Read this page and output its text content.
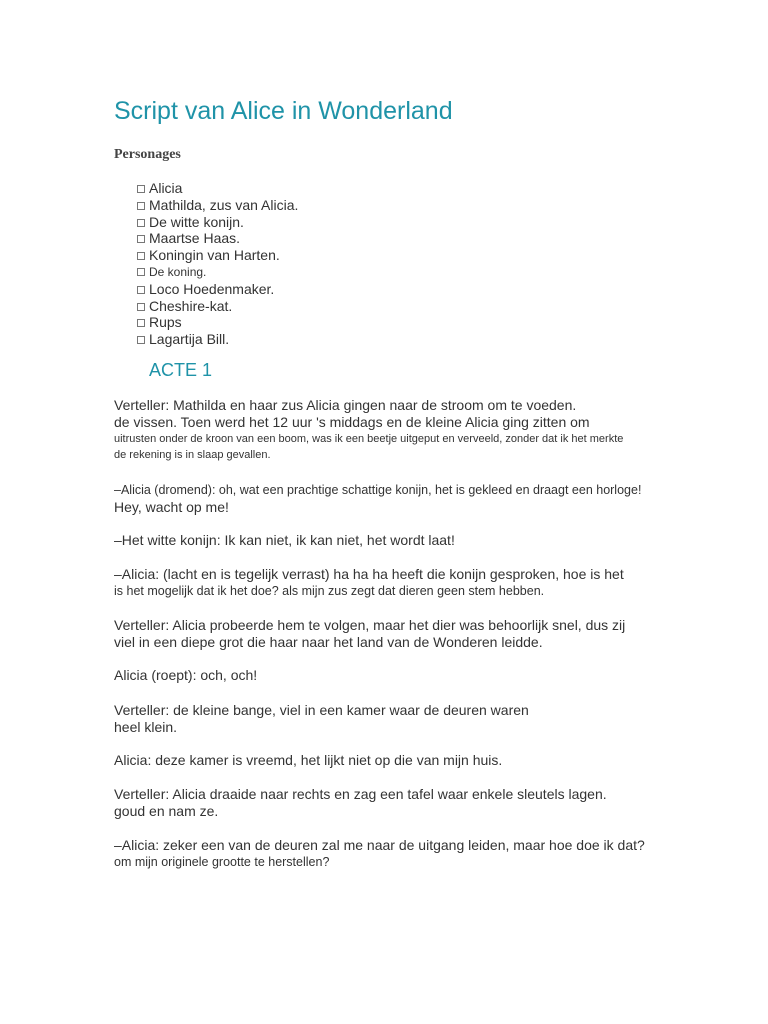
Script van Alice in Wonderland
Personages
Alicia
Mathilda, zus van Alicia.
De witte konijn.
Maartse Haas.
Koningin van Harten.
De koning.
Loco Hoedenmaker.
Cheshire-kat.
Rups
Lagartija Bill.
ACTE 1
Verteller: Mathilda en haar zus Alicia gingen naar de stroom om te voeden.
de vissen. Toen werd het 12 uur 's middags en de kleine Alicia ging zitten om
uitrusten onder de kroon van een boom, was ik een beetje uitgeput en verveeld, zonder dat ik het merkte
de rekening is in slaap gevallen.
–Alicia (dromend): oh, wat een prachtige schattige konijn, het is gekleed en draagt een horloge!
Hey, wacht op me!
–Het witte konijn: Ik kan niet, ik kan niet, het wordt laat!
–Alicia: (lacht en is tegelijk verrast) ha ha ha heeft die konijn gesproken, hoe is het
is het mogelijk dat ik het doe? als mijn zus zegt dat dieren geen stem hebben.
Verteller: Alicia probeerde hem te volgen, maar het dier was behoorlijk snel, dus zij
viel in een diepe grot die haar naar het land van de Wonderen leidde.
Alicia (roept): och, och!
Verteller: de kleine bange, viel in een kamer waar de deuren waren
heel klein.
Alicia: deze kamer is vreemd, het lijkt niet op die van mijn huis.
Verteller: Alicia draaide naar rechts en zag een tafel waar enkele sleutels lagen.
goud en nam ze.
–Alicia: zeker een van de deuren zal me naar de uitgang leiden, maar hoe doe ik dat?
om mijn originele grootte te herstellen?
